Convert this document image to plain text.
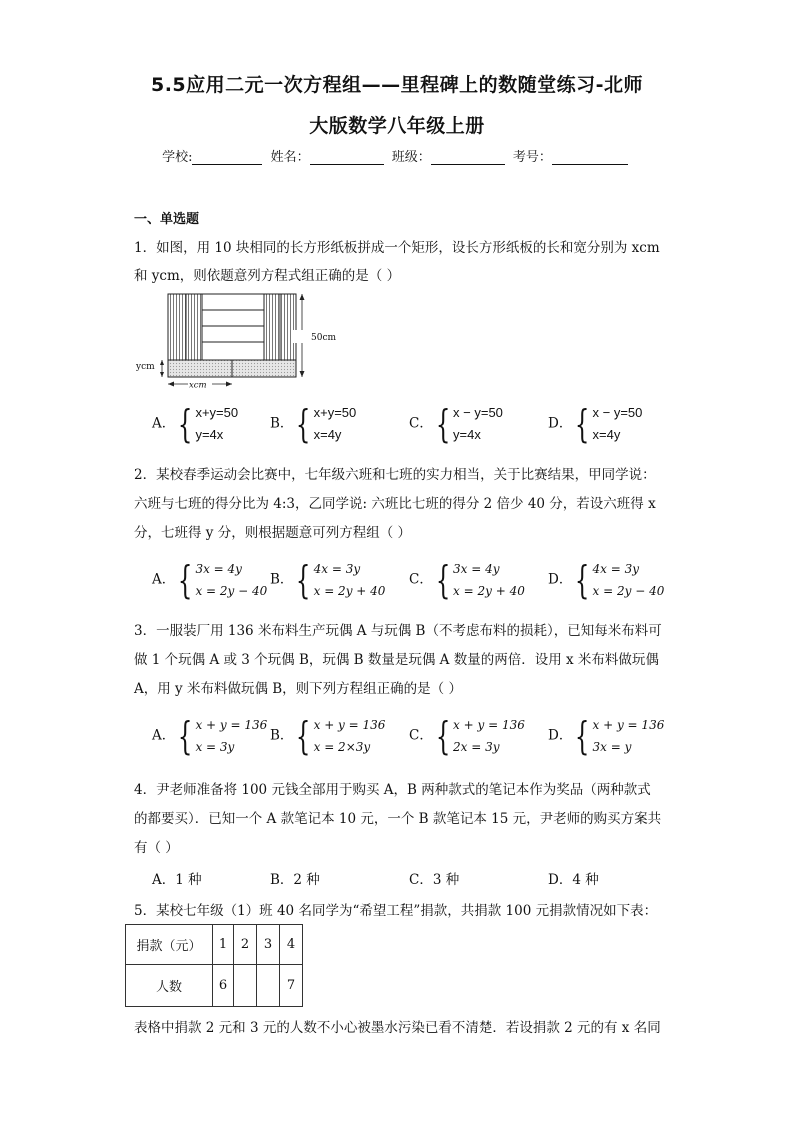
5.5应用二元一次方程组——里程碑上的数随堂练习-北师
大版数学八年级上册
学校:	姓名：	班级：	考号：
一、单选题
1．如图，用 10 块相同的长方形纸板拼成一个矩形，设长方形纸板的长和宽分别为 xcm
和 ycm，则依题意列方程式组正确的是（ ）
50cm
xcm
ycm
A． { x+y=50
y=4x
B． { x+y=50
x=4y
C． { x − y=50
y=4x
D． { x − y=50
x=4y
2．某校春季运动会比赛中，七年级六班和七班的实力相当，关于比赛结果，甲同学说：
六班与七班的得分比为 4:3，乙同学说: 六班比七班的得分 2 倍少 40 分，若设六班得 x
分，七班得 y 分，则根据题意可列方程组（ ）
A． { 3x = 4y
x = 2y − 40
B． { 4x = 3y
x = 2y + 40
C． { 3x = 4y
x = 2y + 40
D． { 4x = 3y
x = 2y − 40
3．一服装厂用 136 米布料生产玩偶 A 与玩偶 B（不考虑布料的损耗），已知每米布料可
做 1 个玩偶 A 或 3 个玩偶 B，玩偶 B 数量是玩偶 A 数量的两倍．设用 x 米布料做玩偶
A，用 y 米布料做玩偶 B，则下列方程组正确的是（ ）
A． { x + y = 136
x = 3y
B． { x + y = 136
x = 2×3y
C． { x + y = 136
2x = 3y
D． { x + y = 136
3x = y
4．尹老师准备将 100 元钱全部用于购买 A，B 两种款式的笔记本作为奖品（两种款式
的都要买）．已知一个 A 款笔记本 10 元，一个 B 款笔记本 15 元，尹老师的购买方案共
有（ ）
A．1 种	B．2 种	C．3 种	D．4 种
5．某校七年级（1）班 40 名同学为“希望工程”捐款，共捐款 100 元捐款情况如下表：
捐款（元）	1	2	3	4
人数	6			7
表格中捐款 2 元和 3 元的人数不小心被墨水污染已看不清楚．若设捐款 2 元的有 x 名同
